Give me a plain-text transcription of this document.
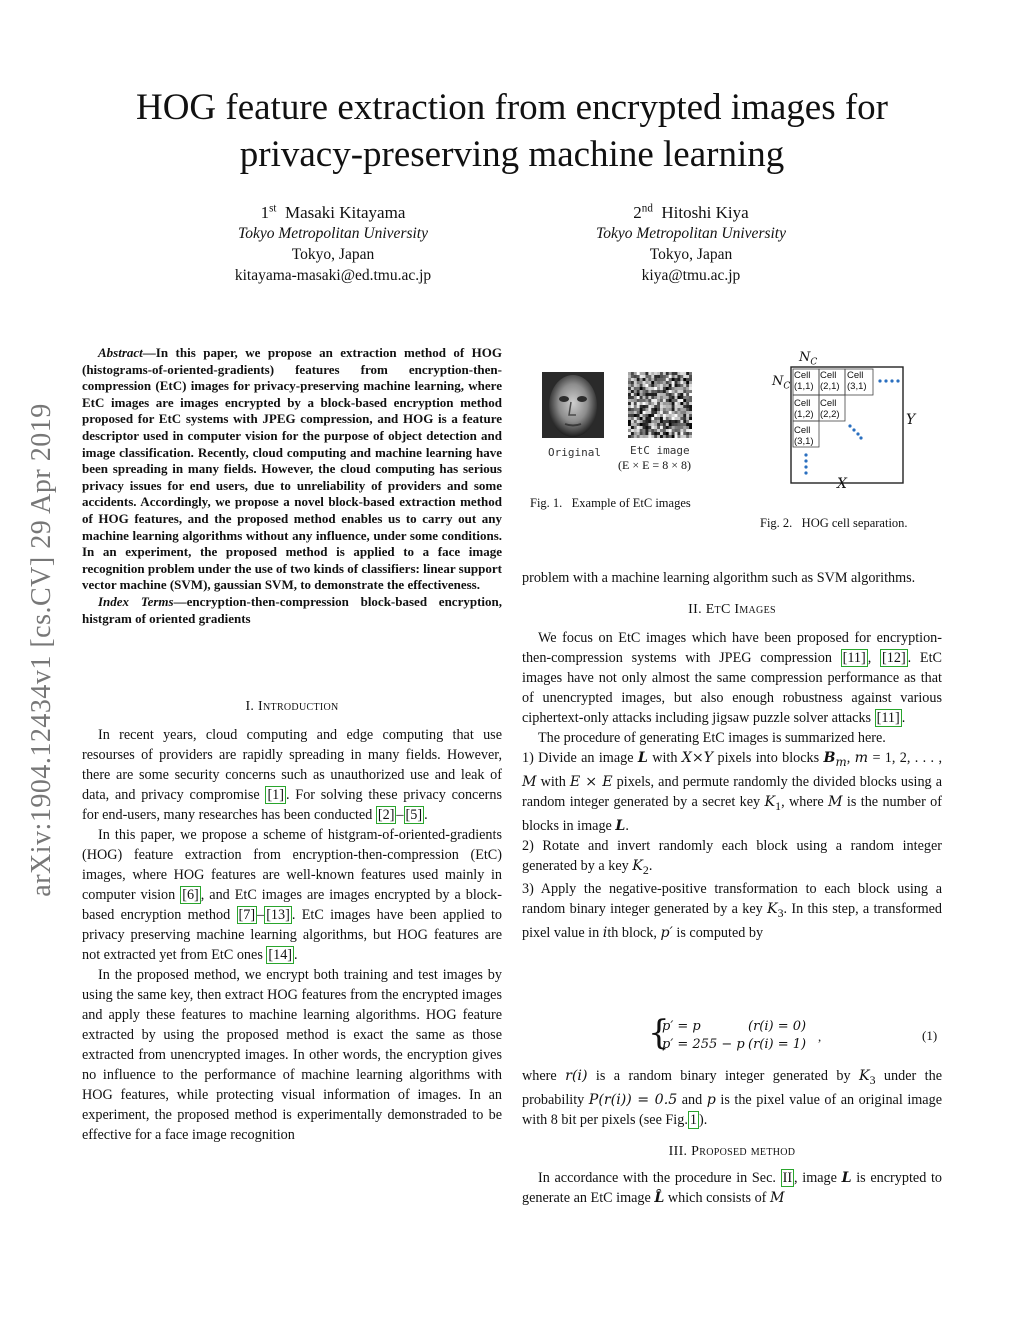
arXiv:1904.12434v1 [cs.CV] 29 Apr 2019
HOG feature extraction from encrypted images for privacy-preserving machine learning
1st Masaki Kitayama
Tokyo Metropolitan University
Tokyo, Japan
kitayama-masaki@ed.tmu.ac.jp
2nd Hitoshi Kiya
Tokyo Metropolitan University
Tokyo, Japan
kiya@tmu.ac.jp

Abstract—In this paper, we propose an extraction method of HOG (histograms-of-oriented-gradients) features from encryption-then-compression (EtC) images for privacy-preserving machine learning, where EtC images are images encrypted by a block-based encryption method proposed for EtC systems with JPEG compression, and HOG is a feature descriptor used in computer vision for the purpose of object detection and image classification. Recently, cloud computing and machine learning have been spreading in many fields. However, the cloud computing has serious privacy issues for end users, due to unreliability of providers and some accidents. Accordingly, we propose a novel block-based extraction method of HOG features, and the proposed method enables us to carry out any machine learning algorithms without any influence, under some conditions. In an experiment, the proposed method is applied to a face image recognition problem under the use of two kinds of classifiers: linear support vector machine (SVM), gaussian SVM, to demonstrate the effectiveness.

Index Terms—encryption-then-compression block-based encryption, histgram of oriented gradients

I. Introduction

In recent years, cloud computing and edge computing that use resourses of providers are rapidly spreading in many fields. However, there are some security concerns such as unauthorized use and leak of data, and privacy compromise [1] . For solving these privacy concerns for end-users, many researches has been conducted [2] – [5] .

In this paper, we propose a scheme of histgram-of-oriented-gradients (HOG) feature extraction from encryption-then-compression (EtC) images, where HOG features are well-known features used mainly in computer vision [6] , and EtC images are images encrypted by a block-based encryption method [7] – [13] . EtC images have been applied to privacy preserving machine learning algorithms, but HOG features are not extracted yet from EtC ones [14] .

In the proposed method, we encrypt both training and test images by using the same key, then extract HOG features from the encrypted images and apply these features to machine learning algorithms. HOG feature extracted by using the proposed method is exact the same as those extracted from unencrypted images. In other words, the encryption gives no influence to the performance of machine learning algorithms with HOG features, while protecting visual information of images. In an experiment, the proposed method is experimentally demonstraded to be effective for a face image recognition

Original	EtC image
(E × E = 8 × 8)
Fig. 1.   Example of EtC images
$N_C$
$N_C$
Cell
(1,1)
Cell
(2,1)
Cell
(3,1)
Cell
(1,2)
Cell
(2,2)
Cell
(3,1)
Y
X
Fig. 2.   HOG cell separation.

problem with a machine learning algorithm such as SVM algorithms.

II. EtC Images

We focus on EtC images which have been proposed for encryption-then-compression systems with JPEG compression [11] , [12] . EtC images have not only almost the same compression performance as that of unencrypted images, but also enough robustness against various ciphertext-only attacks including jigsaw puzzle solver attacks [11] .

The procedure of generating EtC images is summarized here.

1) Divide an image L with X×Y pixels into blocks $B_m$, m = 1, 2, . . . , M with E × E pixels, and permute randomly the divided blocks using a random integer generated by a secret key $K_1$, where M is the number of blocks in image L.

2) Rotate and invert randomly each block using a random integer generated by a key $K_2$.

3) Apply the negative-positive transformation to each block using a random binary integer generated by a key $K_3$. In this step, a transformed pixel value in ith block, p′ is computed by

{
p′ = p	(r(i) = 0)
p′ = 255 − p (r(i) = 1)
,	(1)

where r(i) is a random binary integer generated by $K_3$ under the probability P(r(i)) = 0.5 and p is the pixel value of an original image with 8 bit per pixels (see Fig. 1 ).

III. Proposed method

In accordance with the procedure in Sec. II , image L is encrypted to generate an EtC image L̂ which consists of M
